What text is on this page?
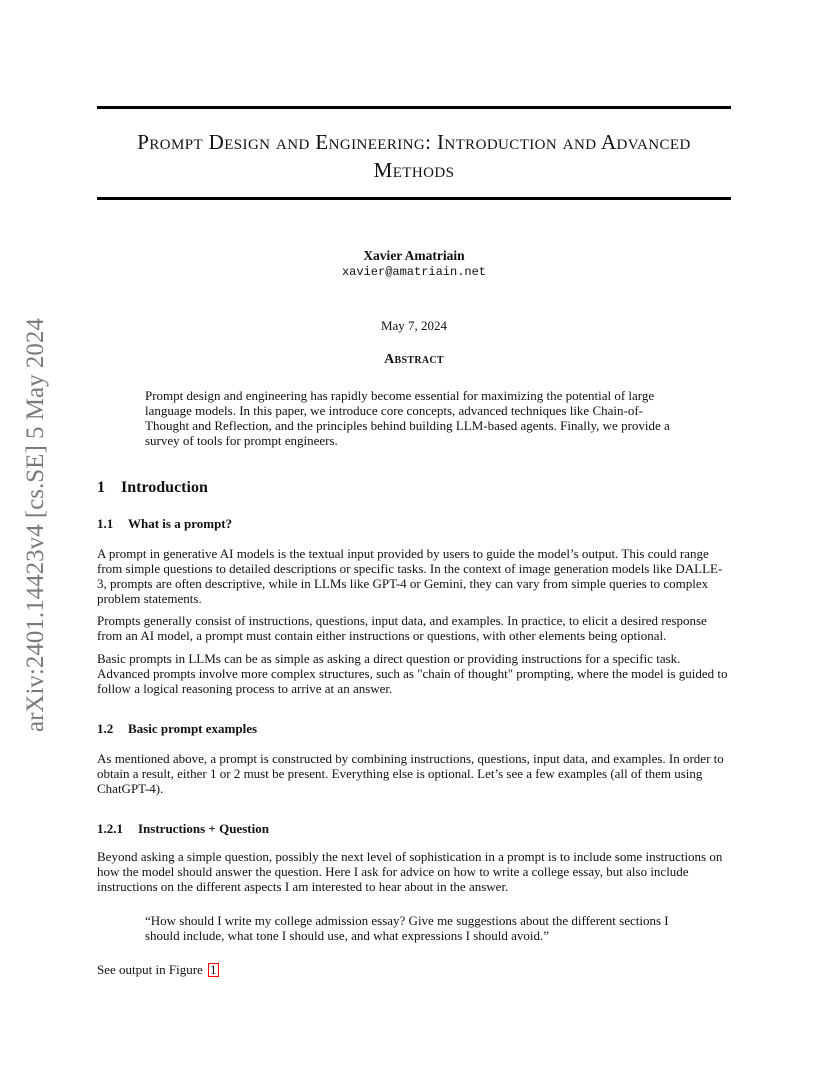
arXiv:2401.14423v4 [cs.SE] 5 May 2024
Prompt Design and Engineering: Introduction and Advanced Methods
Xavier Amatriain
xavier@amatriain.net
May 7, 2024
Abstract

Prompt design and engineering has rapidly become essential for maximizing the potential of large language models. In this paper, we introduce core concepts, advanced techniques like Chain-of-Thought and Reflection, and the principles behind building LLM-based agents. Finally, we provide a survey of tools for prompt engineers.

1 Introduction
1.1 What is a prompt?

A prompt in generative AI models is the textual input provided by users to guide the model’s output. This could range from simple questions to detailed descriptions or specific tasks. In the context of image generation models like DALLE-3, prompts are often descriptive, while in LLMs like GPT-4 or Gemini, they can vary from simple queries to complex problem statements.

Prompts generally consist of instructions, questions, input data, and examples. In practice, to elicit a desired response from an AI model, a prompt must contain either instructions or questions, with other elements being optional.

Basic prompts in LLMs can be as simple as asking a direct question or providing instructions for a specific task. Advanced prompts involve more complex structures, such as "chain of thought" prompting, where the model is guided to follow a logical reasoning process to arrive at an answer.

1.2 Basic prompt examples

As mentioned above, a prompt is constructed by combining instructions, questions, input data, and examples. In order to obtain a result, either 1 or 2 must be present. Everything else is optional. Let’s see a few examples (all of them using ChatGPT-4).

1.2.1 Instructions + Question

Beyond asking a simple question, possibly the next level of sophistication in a prompt is to include some instructions on how the model should answer the question. Here I ask for advice on how to write a college essay, but also include instructions on the different aspects I am interested to hear about in the answer.

“How should I write my college admission essay? Give me suggestions about the different sections I should include, what tone I should use, and what expressions I should avoid.”

See output in Figure 1
